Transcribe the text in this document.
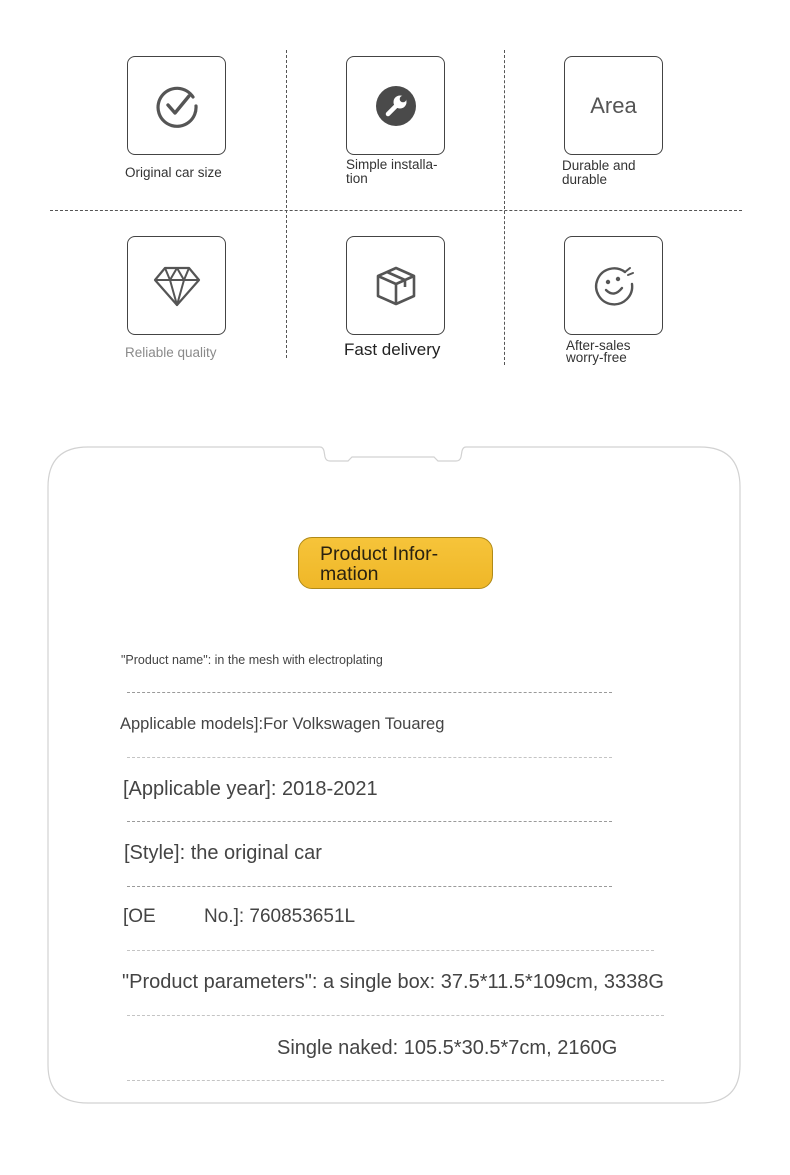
Original car size
Simple installa-
tion
Area
Durable and
durable
Reliable quality	Fast delivery	After-sales
worry-free
Product Infor-
mation
"Product name": in the mesh with electroplating
Applicable models]:For Volkswagen Touareg
[Applicable year]: 2018-2021
[Style]: the original car
[OE	No.]: 760853651L
"Product parameters": a single box: 37.5*11.5*109cm, 3338G
Single naked: 105.5*30.5*7cm, 2160G
